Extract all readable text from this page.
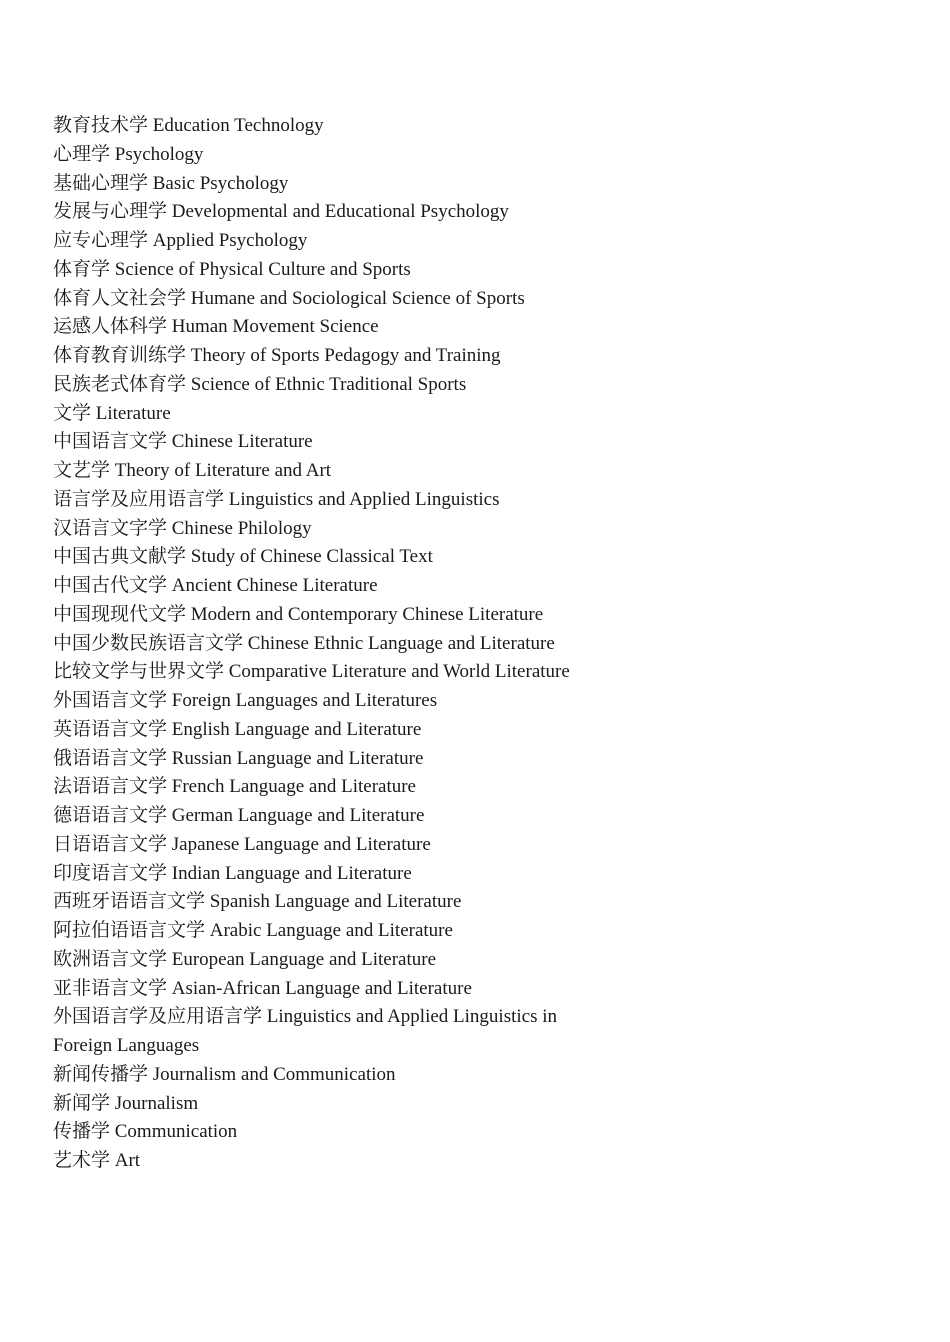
教育技术学 Education Technology
心理学 Psychology
基础心理学 Basic Psychology
发展与心理学 Developmental and Educational Psychology
应专心理学 Applied Psychology
体育学 Science of Physical Culture and Sports
体育人文社会学 Humane and Sociological Science of Sports
运感人体科学 Human Movement Science
体育教育训练学 Theory of Sports Pedagogy and Training
民族老式体育学 Science of Ethnic Traditional Sports
文学 Literature
中国语言文学 Chinese Literature
文艺学 Theory of Literature and Art
语言学及应用语言学 Linguistics and Applied Linguistics
汉语言文字学 Chinese Philology
中国古典文献学 Study of Chinese Classical Text
中国古代文学 Ancient Chinese Literature
中国现现代文学 Modern and Contemporary Chinese Literature
中国少数民族语言文学 Chinese Ethnic Language and Literature
比较文学与世界文学 Comparative Literature and World Literature
外国语言文学 Foreign Languages and Literatures
英语语言文学 English Language and Literature
俄语语言文学 Russian Language and Literature
法语语言文学 French Language and Literature
德语语言文学 German Language and Literature
日语语言文学 Japanese Language and Literature
印度语言文学 Indian Language and Literature
西班牙语语言文学 Spanish Language and Literature
阿拉伯语语言文学 Arabic Language and Literature
欧洲语言文学 European Language and Literature
亚非语言文学 Asian-African Language and Literature
外国语言学及应用语言学 Linguistics and Applied Linguistics in Foreign Languages
新闻传播学 Journalism and Communication
新闻学 Journalism
传播学 Communication
艺术学 Art
